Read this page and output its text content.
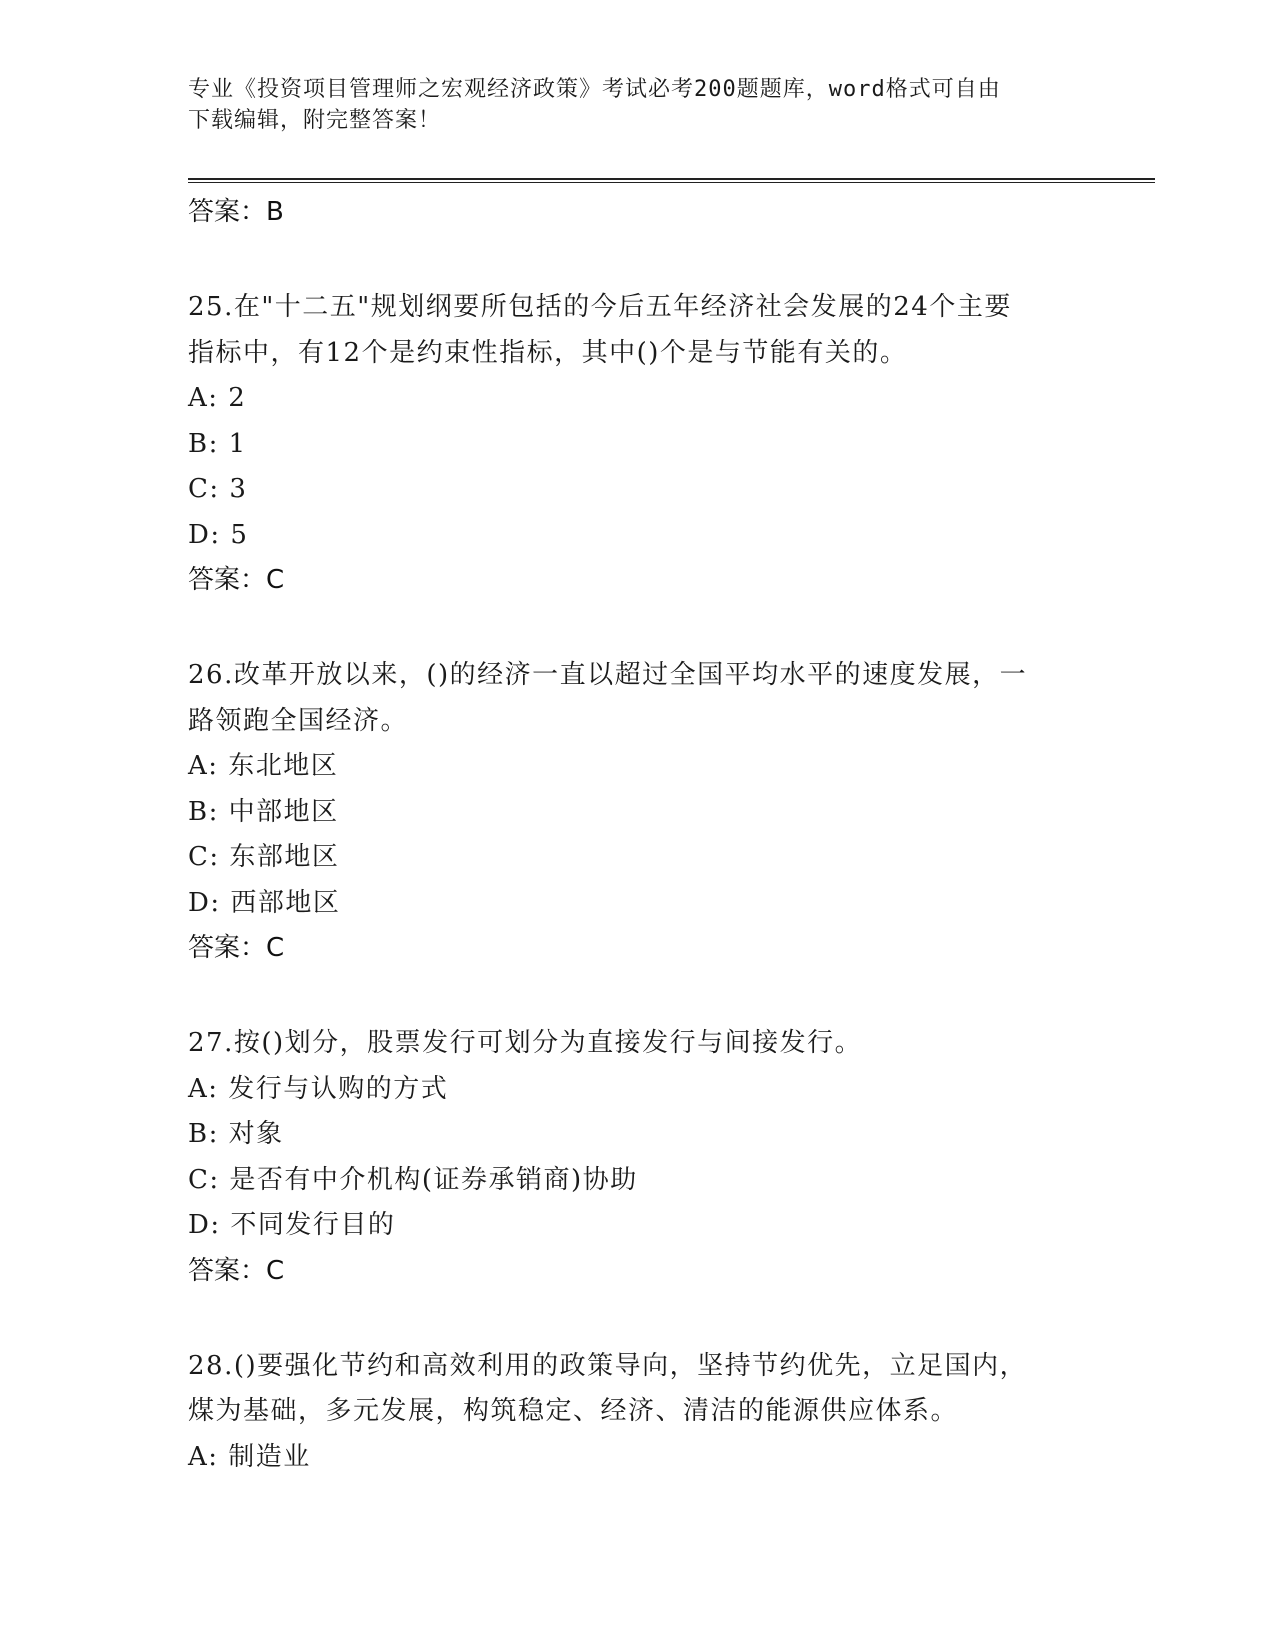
专业《投资项目管理师之宏观经济政策》考试必考200题题库，word格式可自由
下载编辑，附完整答案！
答案：B
25.在"十二五"规划纲要所包括的今后五年经济社会发展的24个主要
指标中，有12个是约束性指标，其中()个是与节能有关的。
A: 2
B: 1
C: 3
D: 5
答案：C
26.改革开放以来，()的经济一直以超过全国平均水平的速度发展，一
路领跑全国经济。
A: 东北地区
B: 中部地区
C: 东部地区
D: 西部地区
答案：C
27.按()划分，股票发行可划分为直接发行与间接发行。
A: 发行与认购的方式
B: 对象
C: 是否有中介机构(证券承销商)协助
D: 不同发行目的
答案：C
28.()要强化节约和高效利用的政策导向，坚持节约优先，立足国内，
煤为基础，多元发展，构筑稳定、经济、清洁的能源供应体系。
A: 制造业
